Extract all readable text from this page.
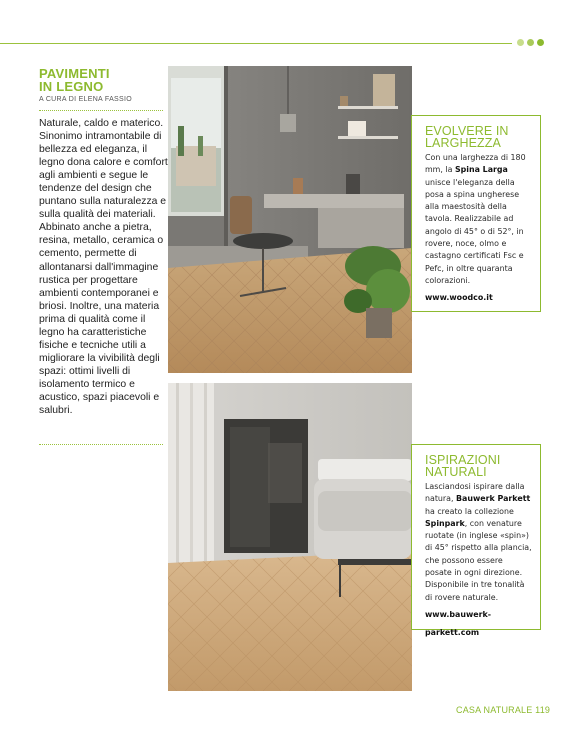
PAVIMENTI
IN LEGNO
A CURA DI ELENA FASSIO

Naturale, caldo e materico. Sinonimo intramontabile di bellezza ed eleganza, il legno dona calore e comfort agli ambienti e segue le tendenze del design che puntano sulla naturalezza e sulla qualità dei materiali. Abbinato anche a pietra, resina, metallo, ceramica o cemento, permette di allontanarsi dall'immagine rustica per progettare ambienti contemporanei e briosi. Inoltre, una materia prima di qualità come il legno ha caratteristiche fisiche e tecniche utili a migliorare la vivibilità degli spazi: ottimi livelli di isolamento termico e acustico, spazi piacevoli e salubri.

EVOLVERE IN
LARGHEZZA

Con una larghezza di 180 mm, la Spina Larga unisce l'eleganza della posa a spina ungherese alla maestosità della tavola. Realizzabile ad angolo di 45° o di 52°, in rovere, noce, olmo e castagno certificati Fsc e Pefc, in oltre quaranta colorazioni.

www.woodco.it
ISPIRAZIONI
NATURALI

Lasciandosi ispirare dalla natura, Bauwerk Parkett ha creato la collezione Spinpark, con venature ruotate (in inglese «spin») di 45° rispetto alla plancia, che possono essere posate in ogni direzione. Disponibile in tre tonalità di rovere naturale.

www.bauwerk-parkett.com
CASA NATURALE 119
